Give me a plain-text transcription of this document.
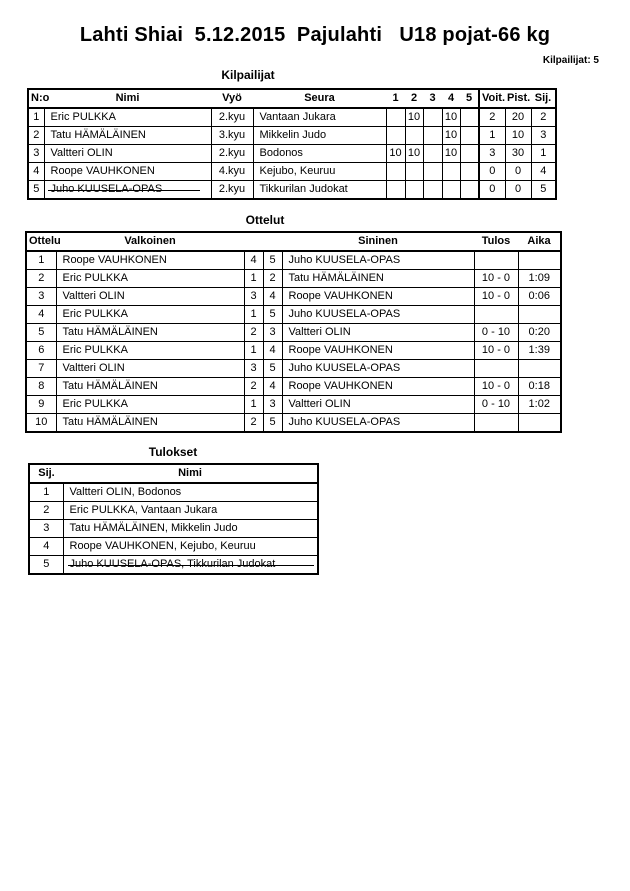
Lahti Shiai  5.12.2015  Pajulahti   U18 pojat-66 kg
Kilpailijat: 5
Kilpailijat
N:o	Nimi	Vyö	Seura	1	2	3	4	5	Voit.	Pist.	Sij.
1	Eric PULKKA	2.kyu	Vantaan Jukara		10		10		2	20	2
2	Tatu HÄMÄLÄINEN	3.kyu	Mikkelin Judo				10		1	10	3
3	Valtteri OLIN	2.kyu	Bodonos	10	10		10		3	30	1
4	Roope VAUHKONEN	4.kyu	Kejubo, Keuruu						0	0	4
5	Juho KUUSELA-OPAS	2.kyu	Tikkurilan Judokat						0	0	5
Ottelut
Ottelu	Valkoinen			Sininen	Tulos	Aika
1	Roope VAUHKONEN	4	5	Juho KUUSELA-OPAS		
2	Eric PULKKA	1	2	Tatu HÄMÄLÄINEN	10 - 0	1:09
3	Valtteri OLIN	3	4	Roope VAUHKONEN	10 - 0	0:06
4	Eric PULKKA	1	5	Juho KUUSELA-OPAS		
5	Tatu HÄMÄLÄINEN	2	3	Valtteri OLIN	0 - 10	0:20
6	Eric PULKKA	1	4	Roope VAUHKONEN	10 - 0	1:39
7	Valtteri OLIN	3	5	Juho KUUSELA-OPAS		
8	Tatu HÄMÄLÄINEN	2	4	Roope VAUHKONEN	10 - 0	0:18
9	Eric PULKKA	1	3	Valtteri OLIN	0 - 10	1:02
10	Tatu HÄMÄLÄINEN	2	5	Juho KUUSELA-OPAS		
Tulokset
Sij.	Nimi
1	Valtteri OLIN, Bodonos
2	Eric PULKKA, Vantaan Jukara
3	Tatu HÄMÄLÄINEN, Mikkelin Judo
4	Roope VAUHKONEN, Kejubo, Keuruu
5	Juho KUUSELA-OPAS, Tikkurilan Judokat
